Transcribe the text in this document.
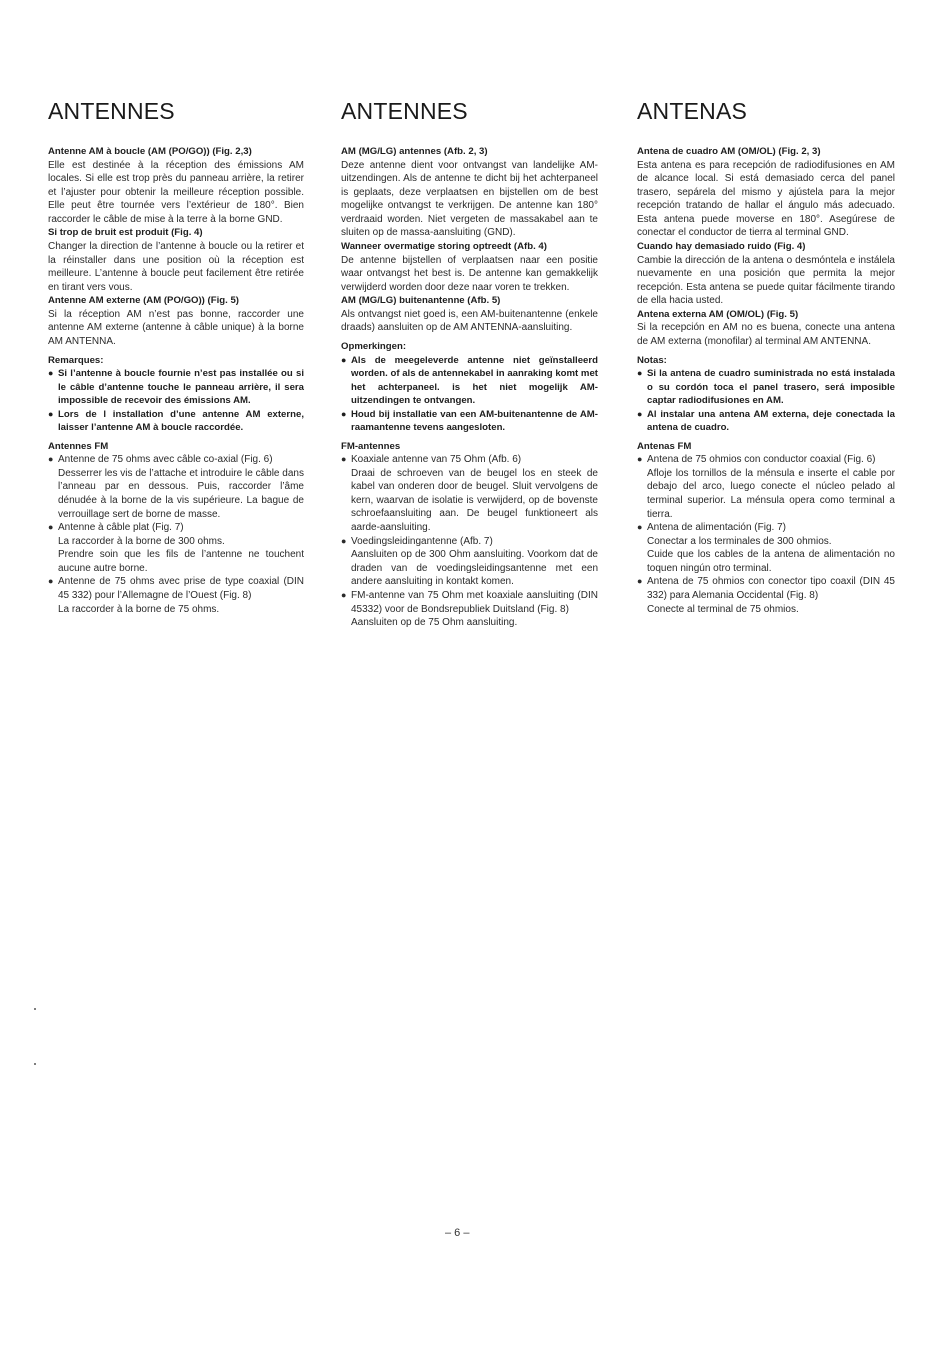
ANTENNES

Antenne AM à boucle (AM (PO/GO)) (Fig. 2,3)

Elle est destinée à la réception des émissions AM locales. Si elle est trop près du panneau arrière, la retirer et l’ajuster pour obtenir la meilleure réception possible. Elle peut être tournée vers l’extérieur de 180°. Bien raccorder le câble de mise à la terre à la borne GND.

Si trop de bruit est produit (Fig. 4)

Changer la direction de l’antenne à boucle ou la retirer et la réinstaller dans une position où la réception est meilleure. L’antenne à boucle peut facilement être retirée en tirant vers vous.

Antenne AM externe (AM (PO/GO)) (Fig. 5)

Si la réception AM n’est pas bonne, raccorder une antenne AM externe (antenne à câble unique) à la borne AM ANTENNA.

Remarques:

● Si l’antenne à boucle fournie n’est pas installée ou si le câble d’antenne touche le panneau arrière, il sera impossible de recevoir des émissions AM.
● Lors de l installation d’une antenne AM externe, laisser l’antenne AM à boucle raccordée.

Antennes FM

● Antenne de 75 ohms avec câble co-axial (Fig. 6)

Desserrer les vis de l’attache et introduire le câble dans l’anneau par en dessous. Puis, raccorder l’âme dénudée à la borne de la vis supérieure. La bague de verrouillage sert de borne de masse.

● Antenne à câble plat (Fig. 7)

La raccorder à la borne de 300 ohms.

Prendre soin que les fils de l’antenne ne touchent aucune autre borne.

● Antenne de 75 ohms avec prise de type coaxial (DIN 45 332) pour l’Allemagne de l’Ouest (Fig. 8)

La raccorder à la borne de 75 ohms.

ANTENNES

AM (MG/LG) antennes (Afb. 2, 3)

Deze antenne dient voor ontvangst van landelijke AM-uitzendingen. Als de antenne te dicht bij het achterpaneel is geplaats, deze verplaatsen en bijstellen om de best mogelijke ontvangst te verkrijgen. De antenne kan 180° verdraaid worden. Niet vergeten de massakabel aan te sluiten op de massa-aansluiting (GND).

Wanneer overmatige storing optreedt (Afb. 4)

De antenne bijstellen of verplaatsen naar een positie waar ontvangst het best is. De antenne kan gemakkelijk verwijderd worden door deze naar voren te trekken.

AM (MG/LG) buitenantenne (Afb. 5)

Als ontvangst niet goed is, een AM-buitenantenne (enkele draads) aansluiten op de AM ANTENNA-aansluiting.

Opmerkingen:

● Als de meegeleverde antenne niet geïnstalleerd worden. of als de antennekabel in aanraking komt met het achterpaneel. is het niet mogelijk AM-uitzendingen te ontvangen.
● Houd bij installatie van een AM-buitenantenne de AM-raamantenne tevens aangesloten.

FM-antennes

● Koaxiale antenne van 75 Ohm (Afb. 6)

Draai de schroeven van de beugel los en steek de kabel van onderen door de beugel. Sluit vervolgens de kern, waarvan de isolatie is verwijderd, op de bovenste schroefaansluiting aan. De beugel funktioneert als aarde-aansluiting.

● Voedingsleidingantenne (Afb. 7)

Aansluiten op de 300 Ohm aansluiting. Voorkom dat de draden van de voedingsleidingsantenne met een andere aansluiting in kontakt komen.

● FM-antenne van 75 Ohm met koaxiale aansluiting (DIN 45332) voor de Bondsrepubliek Duitsland (Fig. 8)

Aansluiten op de 75 Ohm aansluiting.

ANTENAS

Antena de cuadro AM (OM/OL) (Fig. 2, 3)

Esta antena es para recepción de radiodifusiones en AM de alcance local. Si está demasiado cerca del panel trasero, sepárela del mismo y ajústela para la mejor recepción tratando de hallar el ángulo más adecuado. Esta antena puede moverse en 180°. Asegúrese de conectar el conductor de tierra al terminal GND.

Cuando hay demasiado ruido (Fig. 4)

Cambie la dirección de la antena o desmóntela e instálela nuevamente en una posición que permita la mejor recepción. Esta antena se puede quitar fácilmente tirando de ella hacia usted.

Antena externa AM (OM/OL) (Fig. 5)

Si la recepción en AM no es buena, conecte una antena de AM externa (monofilar) al terminal AM ANTENNA.

Notas:

● Si la antena de cuadro suministrada no está instalada o su cordón toca el panel trasero, será imposible captar radiodifusiones en AM.
● Al instalar una antena AM externa, deje conectada la antena de cuadro.

Antenas FM

● Antena de 75 ohmios con conductor coaxial (Fig. 6)

Afloje los tornillos de la ménsula e inserte el cable por debajo del arco, luego conecte el núcleo pelado al terminal superior. La ménsula opera como terminal a tierra.

● Antena de alimentación (Fig. 7)

Conectar a los terminales de 300 ohmios.

Cuide que los cables de la antena de alimentación no toquen ningún otro terminal.

● Antena de 75 ohmios con conector tipo coaxil (DIN 45 332) para Alemania Occidental (Fig. 8)

Conecte al terminal de 75 ohmios.

– 6 –
